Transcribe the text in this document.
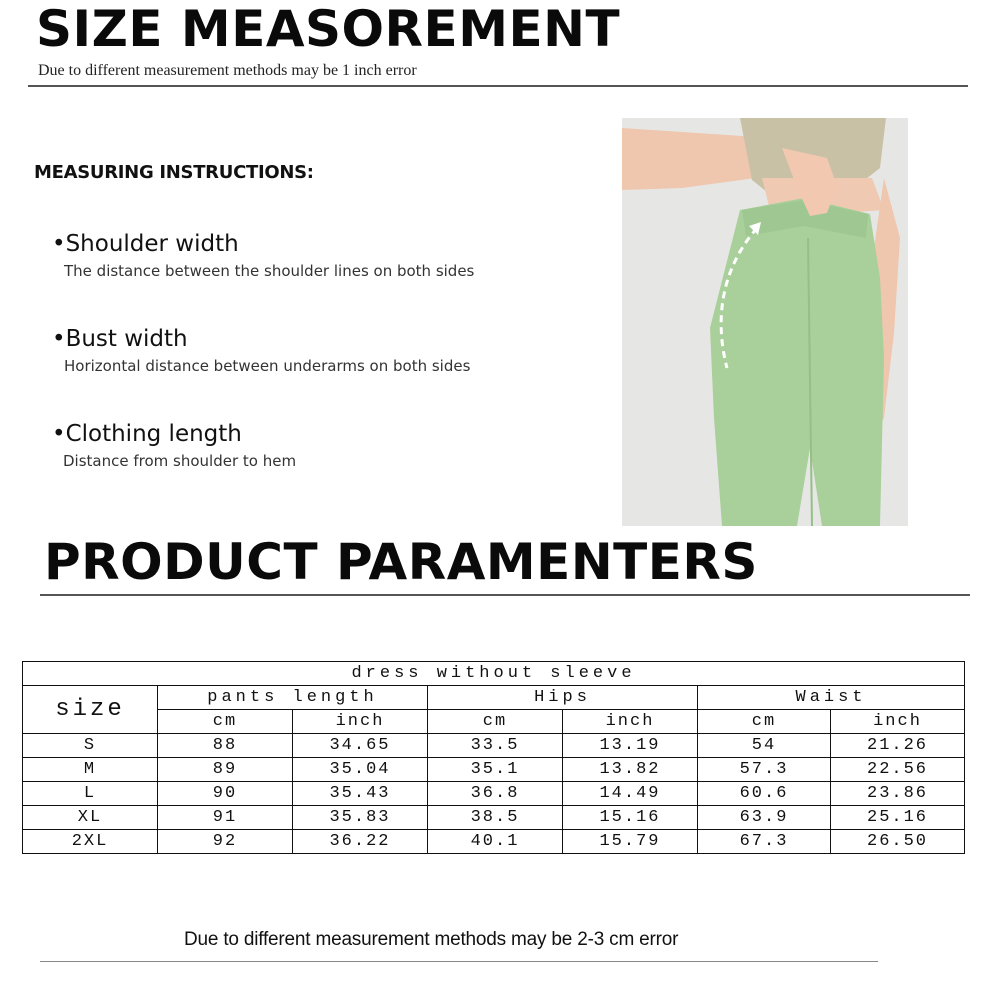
SIZE MEASOREMENT
Due to different measurement methods may be 1 inch error
MEASURING INSTRUCTIONS:
•Shoulder width
The distance between the shoulder lines on both sides
•Bust width
Horizontal distance between underarms on both sides
•Clothing length
Distance from shoulder to hem
PRODUCT PARAMENTERS
dress without sleeve						
size	pants length		Hips		Waist	
	cm	inch	cm	inch	cm	inch
S	88	34.65	33.5	13.19	54	21.26
M	89	35.04	35.1	13.82	57.3	22.56
L	90	35.43	36.8	14.49	60.6	23.86
XL	91	35.83	38.5	15.16	63.9	25.16
2XL	92	36.22	40.1	15.79	67.3	26.50
Due to different measurement methods may be 2-3 cm error
